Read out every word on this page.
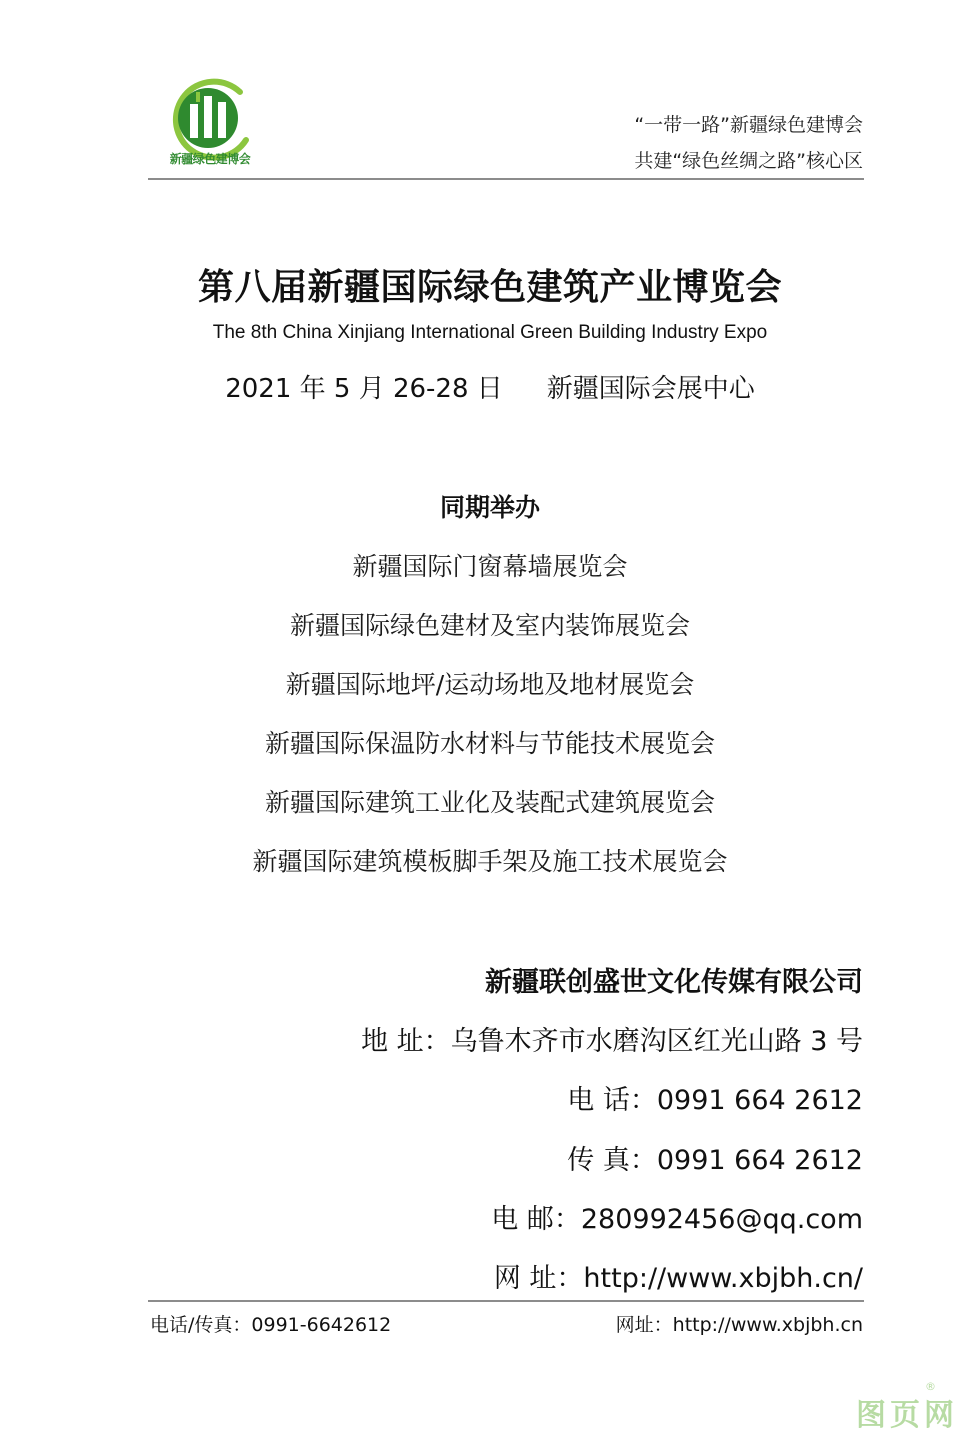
新疆绿色建博会
“一带一路”新疆绿色建博会
共建“绿色丝绸之路”核心区
第八届新疆国际绿色建筑产业博览会
The 8th China Xinjiang International Green Building Industry Expo
2021 年 5 月 26-28 日 新疆国际会展中心
同期举办
新疆国际门窗幕墙展览会
新疆国际绿色建材及室内装饰展览会
新疆国际地坪/运动场地及地材展览会
新疆国际保温防水材料与节能技术展览会
新疆国际建筑工业化及装配式建筑展览会
新疆国际建筑模板脚手架及施工技术展览会
新疆联创盛世文化传媒有限公司
地 址：乌鲁木齐市水磨沟区红光山路 3 号
电 话：0991 664 2612
传 真：0991 664 2612
电 邮：280992456@qq.com
网 址：http://www.xbjbh.cn/
电话/传真：0991-6642612	网址：http://www.xbjbh.cn
图页网
®
